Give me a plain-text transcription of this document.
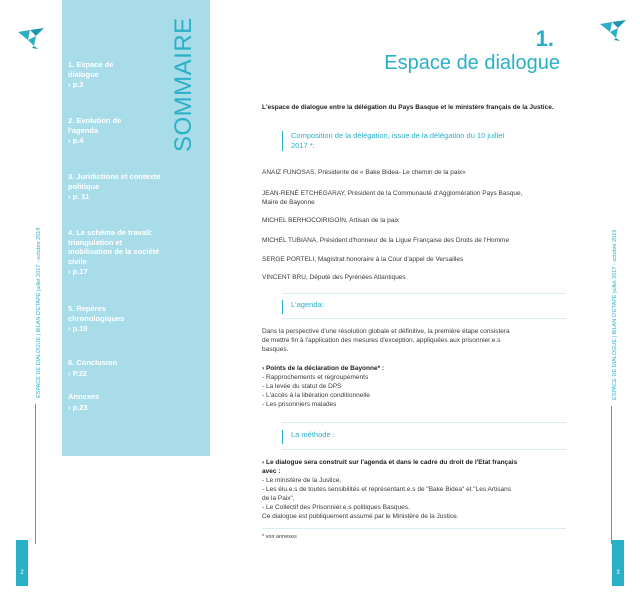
1. Espace de
dialogue
› p.3
2. Evolution de
l'agenda
› p.4
3. Juridictions et contexte
politique
› p. 11
4. Le schéma de travail:
triangulation et
mobilisation de la société
civile
› p.17
5. Repères
chronologiques
› p.19
6. Conclusion
› P.22
Annexes
› p.23
SOMMAIRE
ESPACE DE DIALOGUE | BILAN D'ETAPE juillet 2017 - octobre 2019
2
1.
Espace de dialogue
L'espace de dialogue entre la délégation du Pays Basque et le ministère français de la Justice.
Composition de la délégation, issue de la délégation du 10 juillet
2017 *:
ANAIZ FUNOSAS, Présidente de « Bake Bidea- Le chemin de la paix»
JEAN-RENÉ ETCHEGARAY, Président de la Communauté d'Agglomération Pays Basque,
Maire de Bayonne
MICHEL BERHOCOIRIGOIN, Artisan de la paix
MICHEL TUBIANA, Président d'honneur de la Ligue Française des Droits de l'Homme
SERGE PORTELI, Magistrat honoraire à la Cour d'appel de Versailles
VINCENT BRU, Député des Pyrénées Atlantiques
L'agenda:
Dans la perspective d'une résolution globale et définitive, la première étape consistera
de mettre fin à l'application des mesures d'exception, appliquées aux prisonnier.e.s
basques.
› Points de la déclaration de Bayonne* :
- Rapprochements et regroupements
- La levée du statut de DPS
- L'accès à la libération conditionnelle
- Les prisonniers malades
La méthode :
› Le dialogue sera construit sur l'agenda et dans le cadre du droit de l'Etat français
avec :
- Le ministère de la Justice,
- Les élu.e.s de toutes sensibilités et représentant.e.s de "Bake Bidea" et "Les Artisans
de la Paix",
- Le Collectif des Prisonnier.e.s politiques Basques.
Ce dialogue est publiquement assumé par le Ministère de la Justice.
* voir annexes
ESPACE DE DIALOGUE | BILAN D'ETAPE juillet 2017 - octobre 2019
3
